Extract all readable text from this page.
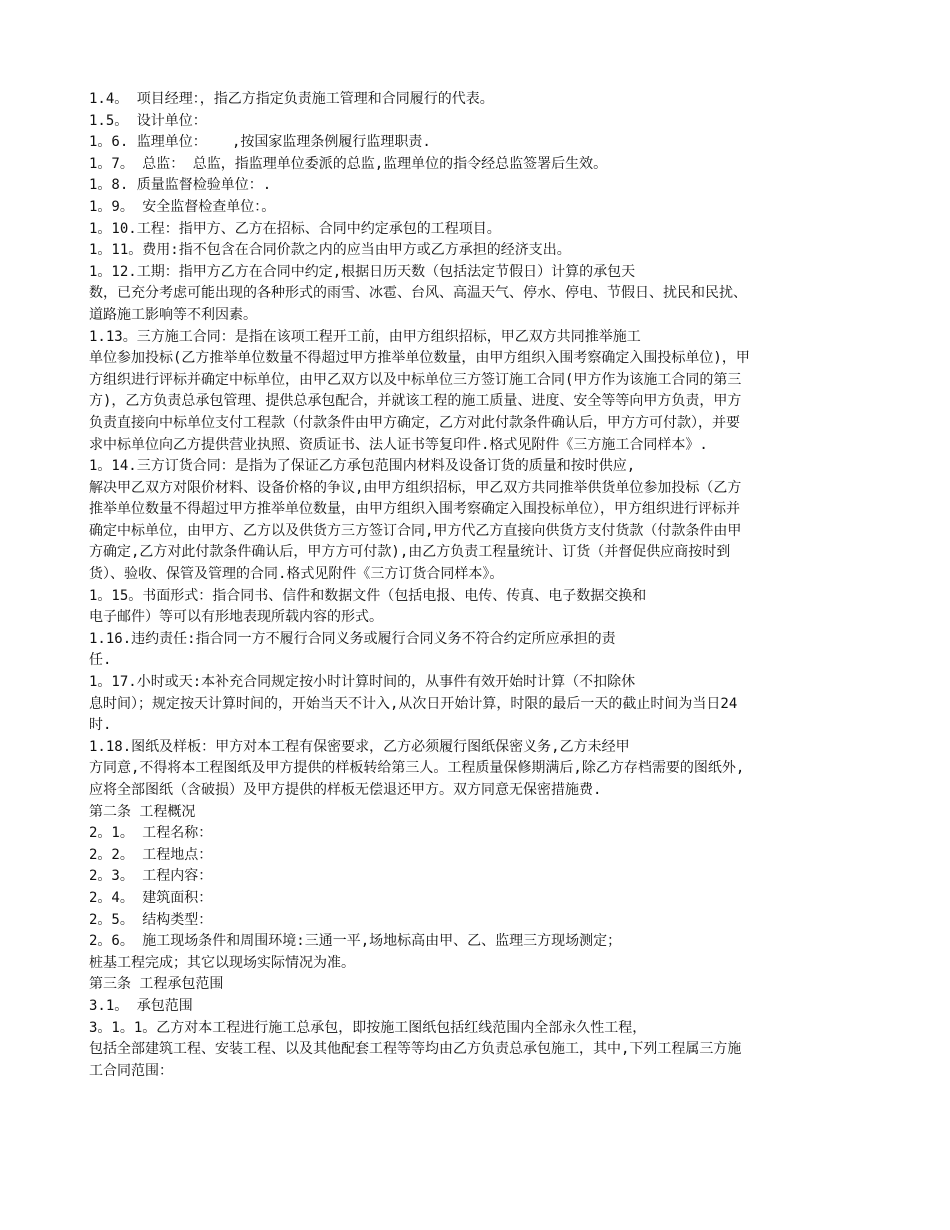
1.4。 项目经理：，指乙方指定负责施工管理和合同履行的代表。
1.5。 设计单位：
1。6. 监理单位：   ,按国家监理条例履行监理职责.
1。7。 总监： 总监，指监理单位委派的总监,监理单位的指令经总监签署后生效。
1。8. 质量监督检验单位：.
1。9。 安全监督检查单位：。
1。10.工程：指甲方、乙方在招标、合同中约定承包的工程项目。
1。11。费用:指不包含在合同价款之内的应当由甲方或乙方承担的经济支出。
1。12.工期：指甲方乙方在合同中约定,根据日历天数（包括法定节假日）计算的承包天
数，已充分考虑可能出现的各种形式的雨雪、冰雹、台风、高温天气、停水、停电、节假日、扰民和民扰、
道路施工影响等不利因素。
1.13。三方施工合同：是指在该项工程开工前，由甲方组织招标，甲乙双方共同推举施工
单位参加投标(乙方推举单位数量不得超过甲方推举单位数量，由甲方组织入围考察确定入围投标单位)，甲
方组织进行评标并确定中标单位，由甲乙双方以及中标单位三方签订施工合同(甲方作为该施工合同的第三
方)，乙方负责总承包管理、提供总承包配合，并就该工程的施工质量、进度、安全等等向甲方负责，甲方
负责直接向中标单位支付工程款（付款条件由甲方确定，乙方对此付款条件确认后，甲方方可付款），并要
求中标单位向乙方提供营业执照、资质证书、法人证书等复印件.格式见附件《三方施工合同样本》.
1。14.三方订货合同：是指为了保证乙方承包范围内材料及设备订货的质量和按时供应,
解决甲乙双方对限价材料、设备价格的争议,由甲方组织招标，甲乙双方共同推举供货单位参加投标（乙方
推举单位数量不得超过甲方推举单位数量，由甲方组织入围考察确定入围投标单位），甲方组织进行评标并
确定中标单位，由甲方、乙方以及供货方三方签订合同,甲方代乙方直接向供货方支付货款（付款条件由甲
方确定,乙方对此付款条件确认后，甲方方可付款),由乙方负责工程量统计、订货（并督促供应商按时到
货）、验收、保管及管理的合同.格式见附件《三方订货合同样本》。
1。15。书面形式：指合同书、信件和数据文件（包括电报、电传、传真、电子数据交换和
电子邮件）等可以有形地表现所载内容的形式。
1.16.违约责任:指合同一方不履行合同义务或履行合同义务不符合约定所应承担的责
任.
1。17.小时或天:本补充合同规定按小时计算时间的，从事件有效开始时计算（不扣除休
息时间）；规定按天计算时间的，开始当天不计入,从次日开始计算，时限的最后一天的截止时间为当日24
时.
1.18.图纸及样板：甲方对本工程有保密要求，乙方必须履行图纸保密义务,乙方未经甲
方同意,不得将本工程图纸及甲方提供的样板转给第三人。工程质量保修期满后,除乙方存档需要的图纸外,
应将全部图纸（含破损）及甲方提供的样板无偿退还甲方。双方同意无保密措施费.
第二条 工程概况
2。1。 工程名称：
2。2。 工程地点：
2。3。 工程内容：
2。4。 建筑面积：
2。5。 结构类型：
2。6。 施工现场条件和周围环境:三通一平,场地标高由甲、乙、监理三方现场测定；
桩基工程完成；其它以现场实际情况为准。
第三条 工程承包范围
3.1。 承包范围
3。1。1。乙方对本工程进行施工总承包，即按施工图纸包括红线范围内全部永久性工程，
包括全部建筑工程、安装工程、以及其他配套工程等等均由乙方负责总承包施工，其中,下列工程属三方施
工合同范围：
